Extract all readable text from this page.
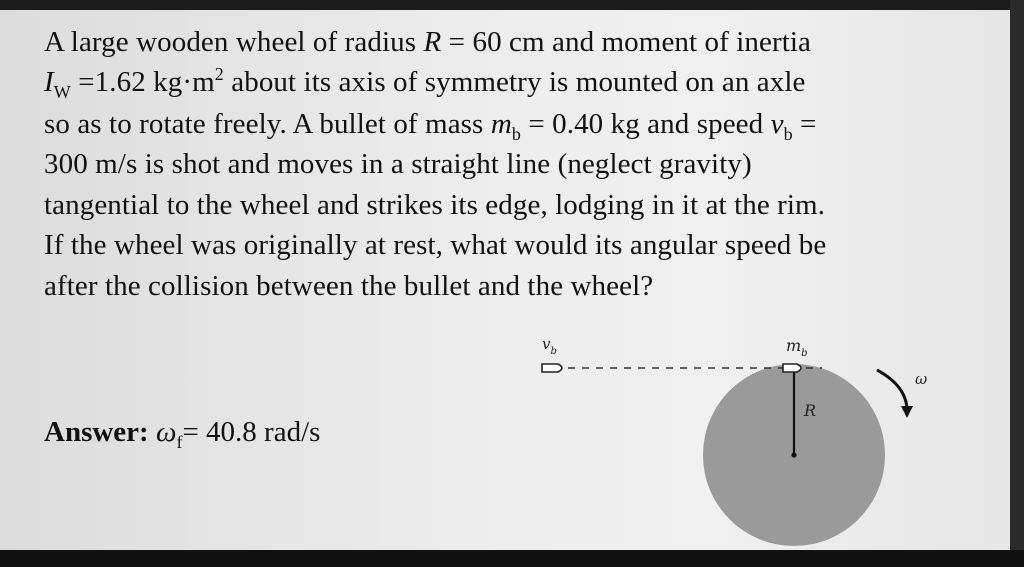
A large wooden wheel of radius R = 60 cm and moment of inertia
$I_W =1.62$ $kg\cdot m^2$ about its axis of symmetry is mounted on an axle
so as to rotate freely. A bullet of mass $m_b = 0.40$ kg and speed $v_b$ =
300 m/s is shot and moves in a straight line (neglect gravity)
tangential to the wheel and strikes its edge, lodging in it at the rim.
If the wheel was originally at rest, what would its angular speed be
after the collision between the bullet and the wheel?
Answer: $\omega_f= 40.8$ rad/s
$v_b$	$m_b$
R
ω
